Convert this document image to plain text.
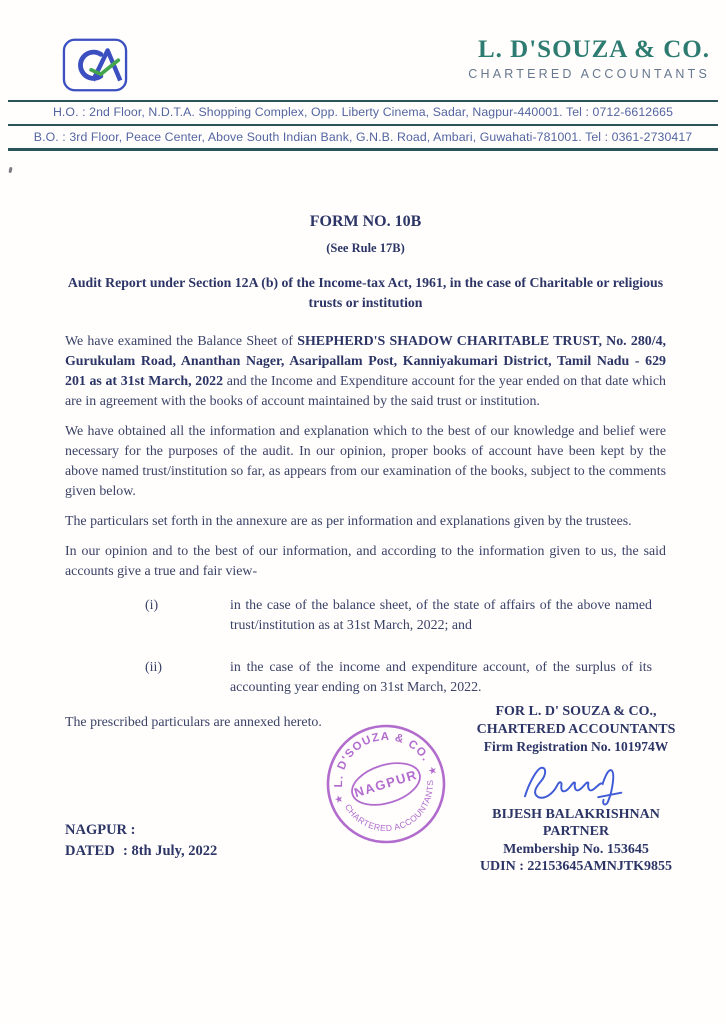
L. D'SOUZA & CO.
CHARTERED ACCOUNTANTS
H.O. : 2nd Floor, N.D.T.A. Shopping Complex, Opp. Liberty Cinema, Sadar, Nagpur-440001. Tel : 0712-6612665
B.O. : 3rd Floor, Peace Center, Above South Indian Bank, G.N.B. Road, Ambari, Guwahati-781001. Tel : 0361-2730417
FORM NO. 10B
(See Rule 17B)
Audit Report under Section 12A (b) of the Income-tax Act, 1961, in the case of Charitable or religious trusts or institution

We have examined the Balance Sheet of SHEPHERD'S SHADOW CHARITABLE TRUST, No. 280/4, Gurukulam Road, Ananthan Nager, Asaripallam Post, Kanniyakumari District, Tamil Nadu - 629 201 as at 31st March, 2022 and the Income and Expenditure account for the year ended on that date which are in agreement with the books of account maintained by the said trust or institution.

We have obtained all the information and explanation which to the best of our knowledge and belief were necessary for the purposes of the audit. In our opinion, proper books of account have been kept by the above named trust/institution so far, as appears from our examination of the books, subject to the comments given below.

The particulars set forth in the annexure are as per information and explanations given by the trustees.

In our opinion and to the best of our information, and according to the information given to us, the said accounts give a true and fair view-

(i)	in the case of the balance sheet, of the state of affairs of the above named trust/institution as at 31st March, 2022; and
(ii)	in the case of the income and expenditure account, of the surplus of its accounting year ending on 31st March, 2022.

The prescribed particulars are annexed hereto.

FOR L. D' SOUZA & CO.,
CHARTERED ACCOUNTANTS
Firm Registration No. 101974W
BIJESH BALAKRISHNAN
PARTNER
Membership No. 153645
UDIN : 22153645AMNJTK9855
L. D'SOUZA & CO.
CHARTERED ACCOUNTANTS
NAGPUR
★
★
NAGPUR :
DATED : 8th July, 2022
